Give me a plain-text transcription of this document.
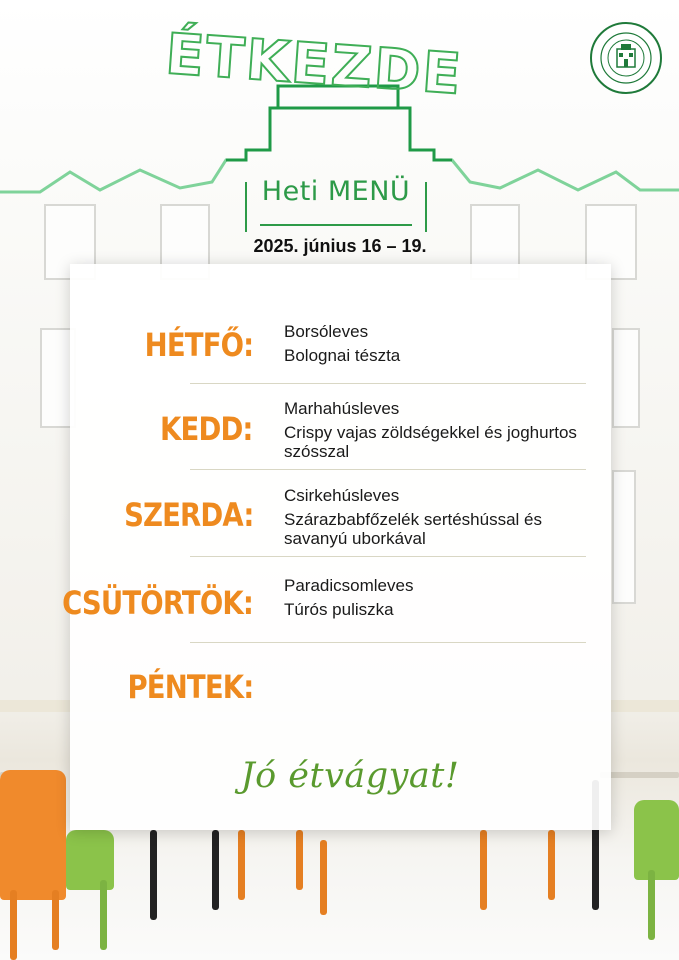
ÉTKEZDE
Heti MENÜ
2025. június 16 – 19.
HÉTFŐ: Borsóleves
Bolognai tészta
KEDD:
Marhahúsleves
Crispy vajas zöldségekkel és joghurtos szósszal
SZERDA:
Csirkehúsleves
Szárazbabfőzelék sertéshússal és savanyú uborkával
CSÜTÖRTÖK: Paradicsomleves
Túrós puliszka
PÉNTEK:
Jó étvágyat!
